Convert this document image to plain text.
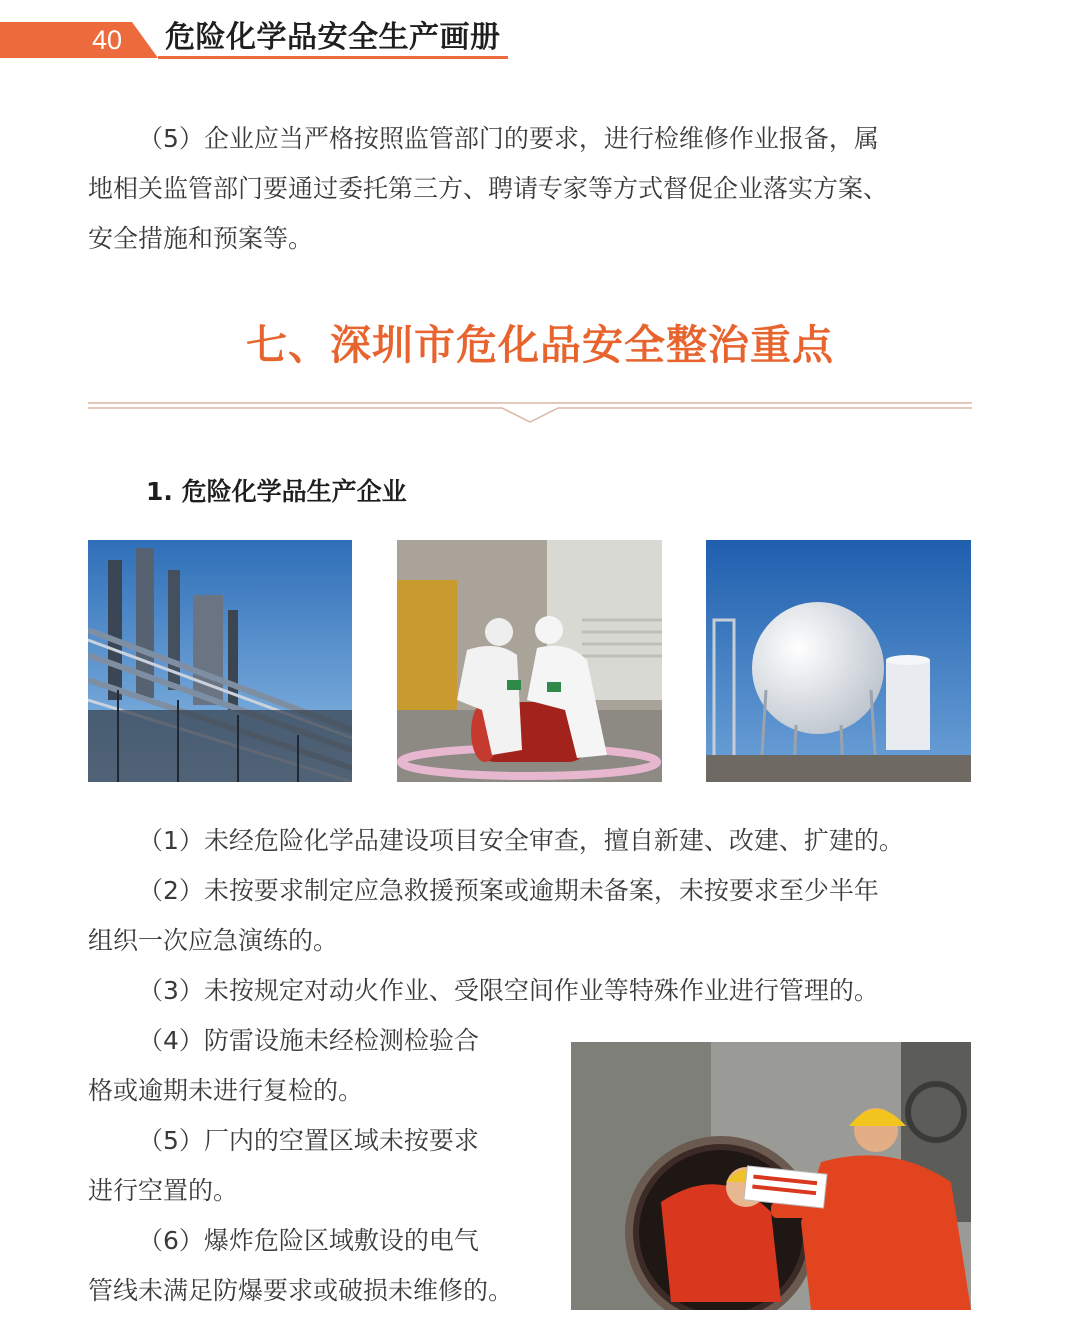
40 危险化学品安全生产画册

（5）企业应当严格按照监管部门的要求，进行检维修作业报备，属

地相关监管部门要通过委托第三方、聘请专家等方式督促企业落实方案、

安全措施和预案等。

七、深圳市危化品安全整治重点
1. 危险化学品生产企业

（1）未经危险化学品建设项目安全审查，擅自新建、改建、扩建的。

（2）未按要求制定应急救援预案或逾期未备案，未按要求至少半年

组织一次应急演练的。

（3）未按规定对动火作业、受限空间作业等特殊作业进行管理的。

（4）防雷设施未经检测检验合

格或逾期未进行复检的。

（5）厂内的空置区域未按要求

进行空置的。

（6）爆炸危险区域敷设的电气

管线未满足防爆要求或破损未维修的。
